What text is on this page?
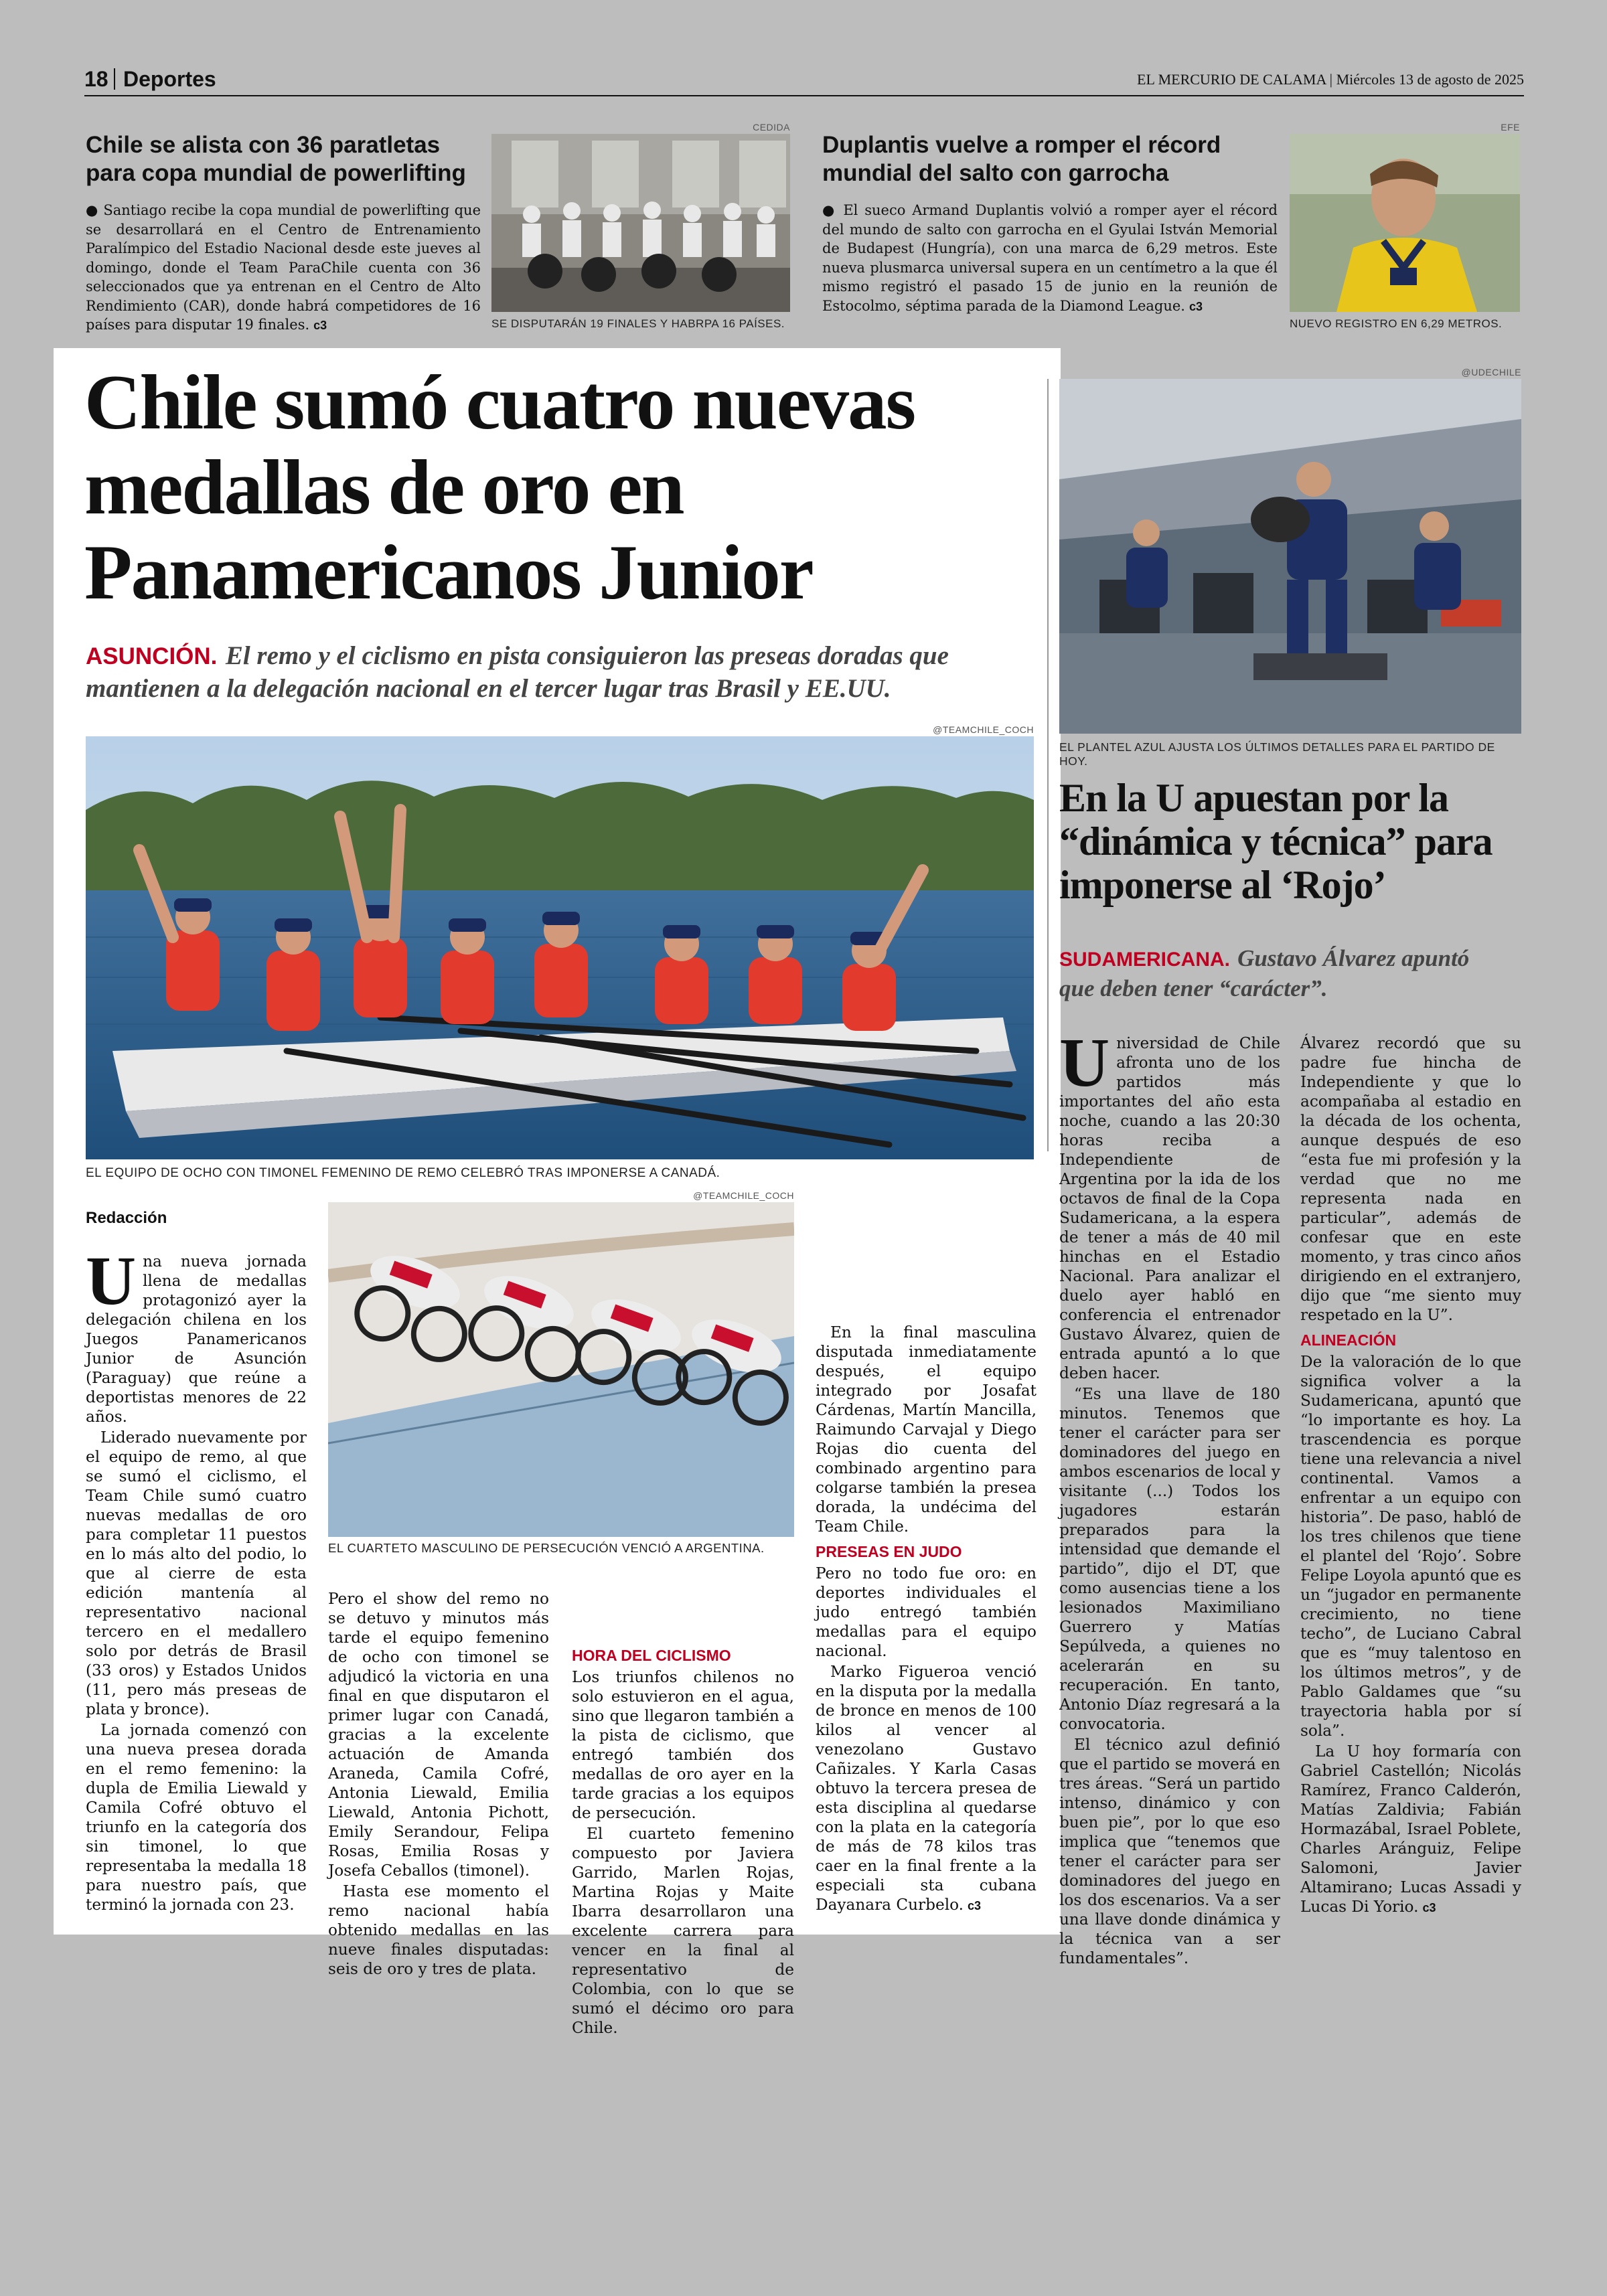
18 Deportes	EL MERCURIO DE CALAMA | Miércoles 13 de agosto de 2025
Chile se alista con 36 paratletas para copa mundial de powerlifting

● Santiago recibe la copa mundial de powerlifting que se desarrollará en el Centro de Entrenamiento Paralímpico del Estadio Nacional desde este jueves al domingo, donde el Team ParaChile cuenta con 36 seleccionados que ya entrenan en el Centro de Alto Rendimiento (CAR), donde habrá competidores de 16 países para disputar 19 finales. c3

CEDIDA
SE DISPUTARÁN 19 FINALES Y HABRPA 16 PAÍSES.
Duplantis vuelve a romper el récord mundial del salto con garrocha

● El sueco Armand Duplantis volvió a romper ayer el récord del mundo de salto con garrocha en el Gyulai István Memorial de Budapest (Hungría), con una marca de 6,29 metros. Este nueva plusmarca universal supera en un centímetro a la que él mismo registró el pasado 15 de junio en la reunión de Estocolmo, séptima parada de la Diamond League. c3

EFE
NUEVO REGISTRO EN 6,29 METROS.
Chile sumó cuatro nuevas medallas de oro en Panamericanos Junior
ASUNCIÓN. El remo y el ciclismo en pista consiguieron las preseas doradas que mantienen a la delegación nacional en el tercer lugar tras Brasil y EE.UU.
@TEAMCHILE_COCH
EL EQUIPO DE OCHO CON TIMONEL FEMENINO DE REMO CELEBRÓ TRAS IMPONERSE A CANADÁ.
Redacción

Una nueva jornada llena de medallas protagonizó ayer la delegación chilena en los Juegos Panamericanos Junior de Asunción (Paraguay) que reúne a deportistas menores de 22 años.

Liderado nuevamente por el equipo de remo, al que se sumó el ciclismo, el Team Chile sumó cuatro nuevas medallas de oro para completar 11 puestos en lo más alto del podio, lo que al cierre de esta edición mantenía al representativo nacional tercero en el medallero solo por detrás de Brasil (33 oros) y Estados Unidos (11, pero más preseas de plata y bronce).

La jornada comenzó con una nueva presea dorada en el remo femenino: la dupla de Emilia Liewald y Camila Cofré obtuvo el triunfo en la categoría dos sin timonel, lo que representaba la medalla 18 para nuestro país, que terminó la jornada con 23.

@TEAMCHILE_COCH
EL CUARTETO MASCULINO DE PERSECUCIÓN VENCIÓ A ARGENTINA.

Pero el show del remo no se detuvo y minutos más tarde el equipo femenino de ocho con timonel se adjudicó la victoria en una final en que disputaron el primer lugar con Canadá, gracias a la excelente actuación de Amanda Araneda, Camila Cofré, Antonia Liewald, Emilia Liewald, Antonia Pichott, Emily Serandour, Felipa Rosas, Emilia Rosas y Josefa Ceballos (timonel).

Hasta ese momento el remo nacional había obtenido medallas en las nueve finales disputadas: seis de oro y tres de plata.

HORA DEL CICLISMO

Los triunfos chilenos no solo estuvieron en el agua, sino que llegaron también a la pista de ciclismo, que entregó también dos medallas de oro ayer en la tarde gracias a los equipos de persecución.

El cuarteto femenino compuesto por Javiera Garrido, Marlen Rojas, Martina Rojas y Maite Ibarra desarrollaron una excelente carrera para vencer en la final al representativo de Colombia, con lo que se sumó el décimo oro para Chile.

En la final masculina disputada inmediatamente después, el equipo integrado por Josafat Cárdenas, Martín Mancilla, Raimundo Carvajal y Diego Rojas dio cuenta del combinado argentino para colgarse también la presea dorada, la undécima del Team Chile.

PRESEAS EN JUDO

Pero no todo fue oro: en deportes individuales el judo entregó también medallas para el equipo nacional.

Marko Figueroa venció en la disputa por la medalla de bronce en menos de 100 kilos al vencer al venezolano Gustavo Cañizales. Y Karla Casas obtuvo la tercera presea de esta disciplina al quedarse con la plata en la categoría de más de 78 kilos tras caer en la final frente a la especiali sta cubana Dayanara Curbelo. c3

@UDECHILE
EL PLANTEL AZUL AJUSTA LOS ÚLTIMOS DETALLES PARA EL PARTIDO DE HOY.
En la U apuestan por la “dinámica y técnica” para imponerse al ‘Rojo’
SUDAMERICANA. Gustavo Álvarez apuntó que deben tener “carácter”.

Universidad de Chile afronta uno de los partidos más importantes del año esta noche, cuando a las 20:30 horas reciba a Independiente de Argentina por la ida de los octavos de final de la Copa Sudamericana, a la espera de tener a más de 40 mil hinchas en el Estadio Nacional. Para analizar el duelo ayer habló en conferencia el entrenador Gustavo Álvarez, quien de entrada apuntó a lo que deben hacer.

“Es una llave de 180 minutos. Tenemos que tener el carácter para ser dominadores del juego en ambos escenarios de local y visitante (...) Todos los jugadores estarán preparados para la intensidad que demande el partido”, dijo el DT, que como ausencias tiene a los lesionados Maximiliano Guerrero y Matías Sepúlveda, a quienes no acelerarán en su recuperación. En tanto, Antonio Díaz regresará a la convocatoria.

El técnico azul definió que el partido se moverá en tres áreas. “Será un partido intenso, dinámico y con buen pie”, por lo que eso implica que “tenemos que tener el carácter para ser dominadores del juego en los dos escenarios. Va a ser una llave donde dinámica y la técnica van a ser fundamentales”.

Álvarez recordó que su padre fue hincha de Independiente y que lo acompañaba al estadio en la década de los ochenta, aunque después de eso “esta fue mi profesión y la verdad que no me representa nada en particular”, además de confesar que en este momento, y tras cinco años dirigiendo en el extranjero, dijo que “me siento muy respetado en la U”.

ALINEACIÓN

De la valoración de lo que significa volver a la Sudamericana, apuntó que “lo importante es hoy. La trascendencia es porque tiene una relevancia a nivel continental. Vamos a enfrentar a un equipo con historia”. De paso, habló de los tres chilenos que tiene el plantel del ‘Rojo’. Sobre Felipe Loyola apuntó que es un “jugador en permanente crecimiento, no tiene techo”, de Luciano Cabral que es “muy talentoso en los últimos metros”, y de Pablo Galdames que “su trayectoria habla por sí sola”.

La U hoy formaría con Gabriel Castellón; Nicolás Ramírez, Franco Calderón, Matías Zaldivia; Fabián Hormazábal, Israel Poblete, Charles Aránguiz, Felipe Salomoni, Javier Altamirano; Lucas Assadi y Lucas Di Yorio. c3
